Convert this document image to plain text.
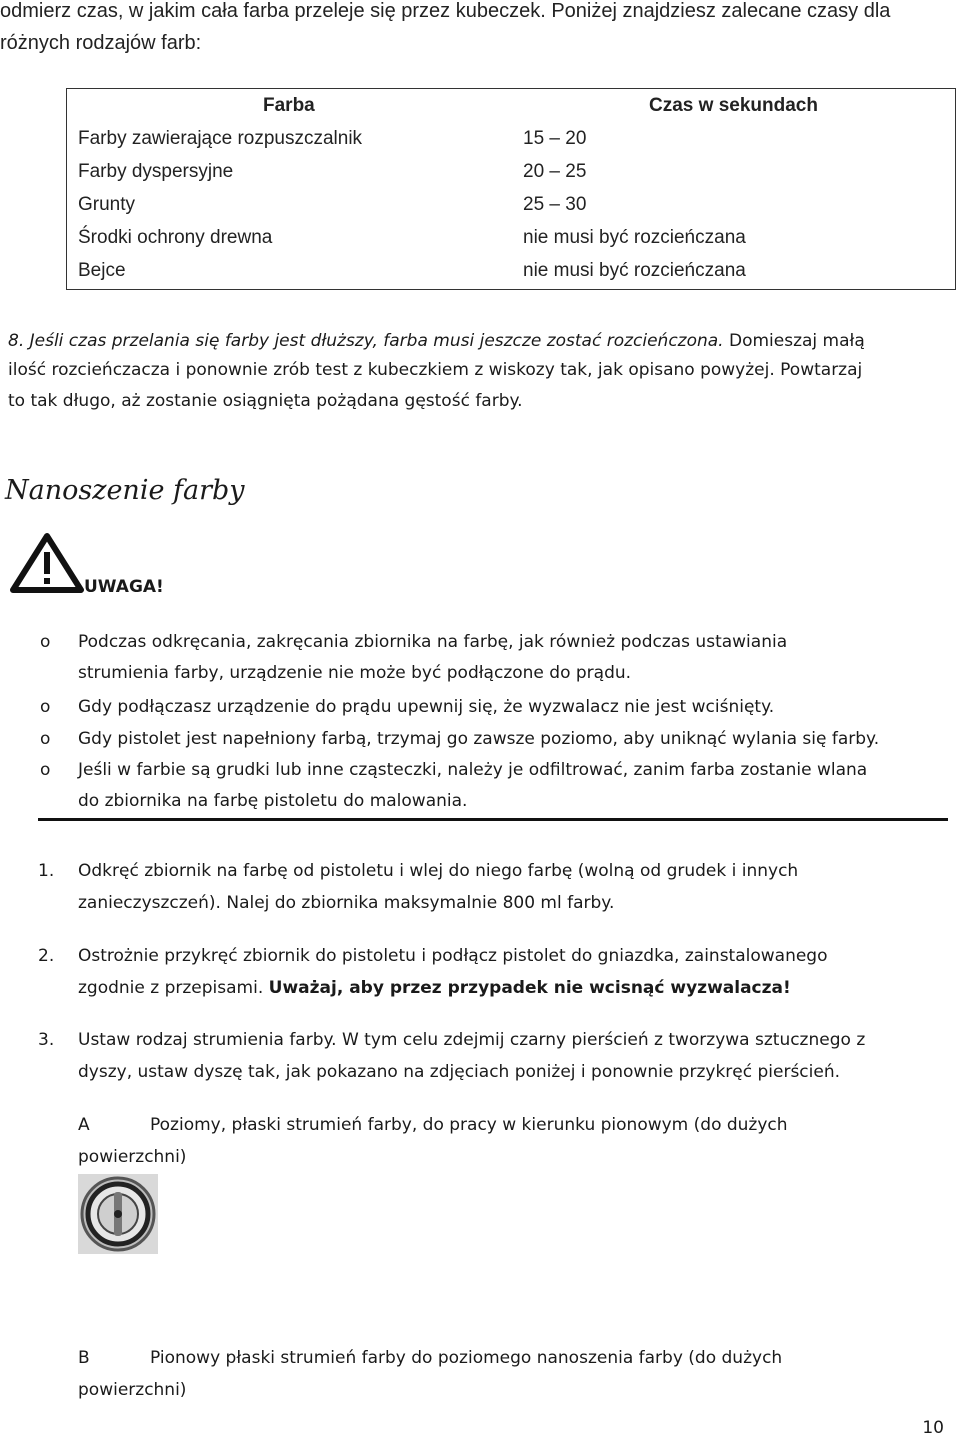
odmierz czas, w jakim cała farba przeleje się przez kubeczek. Poniżej znajdziesz zalecane czasy dla
różnych rodzajów farb:
Farba	Czas w sekundach
Farby zawierające rozpuszczalnik	15 – 20
Farby dyspersyjne	20 – 25
Grunty	25 – 30
Środki ochrony drewna	nie musi być rozcieńczana
Bejce	nie musi być rozcieńczana
8. Jeśli czas przelania się farby jest dłuższy, farba musi jeszcze zostać rozcieńczona. Domieszaj małą
ilość rozcieńczacza i ponownie zrób test z kubeczkiem z wiskozy tak, jak opisano powyżej. Powtarzaj
to tak długo, aż zostanie osiągnięta pożądana gęstość farby.
Nanoszenie farby
UWAGA!
o Podczas odkręcania, zakręcania zbiornika na farbę, jak również podczas ustawiania
strumienia farby, urządzenie nie może być podłączone do prądu.
o Gdy podłączasz urządzenie do prądu upewnij się, że wyzwalacz nie jest wciśnięty.
o Gdy pistolet jest napełniony farbą, trzymaj go zawsze poziomo, aby uniknąć wylania się farby.
o Jeśli w farbie są grudki lub inne cząsteczki, należy je odfiltrować, zanim farba zostanie wlana
do zbiornika na farbę pistoletu do malowania.
1. Odkręć zbiornik na farbę od pistoletu i wlej do niego farbę (wolną od grudek i innych
zanieczyszczeń). Nalej do zbiornika maksymalnie 800 ml farby.
2. Ostrożnie przykręć zbiornik do pistoletu i podłącz pistolet do gniazdka, zainstalowanego
zgodnie z przepisami. Uważaj, aby przez przypadek nie wcisnąć wyzwalacza!
3. Ustaw rodzaj strumienia farby. W tym celu zdejmij czarny pierścień z tworzywa sztucznego z
dyszy, ustaw dyszę tak, jak pokazano na zdjęciach poniżej i ponownie przykręć pierścień.
A	Poziomy, płaski strumień farby, do pracy w kierunku pionowym (do dużych
powierzchni)
B	Pionowy płaski strumień farby do poziomego nanoszenia farby (do dużych
powierzchni)
10
